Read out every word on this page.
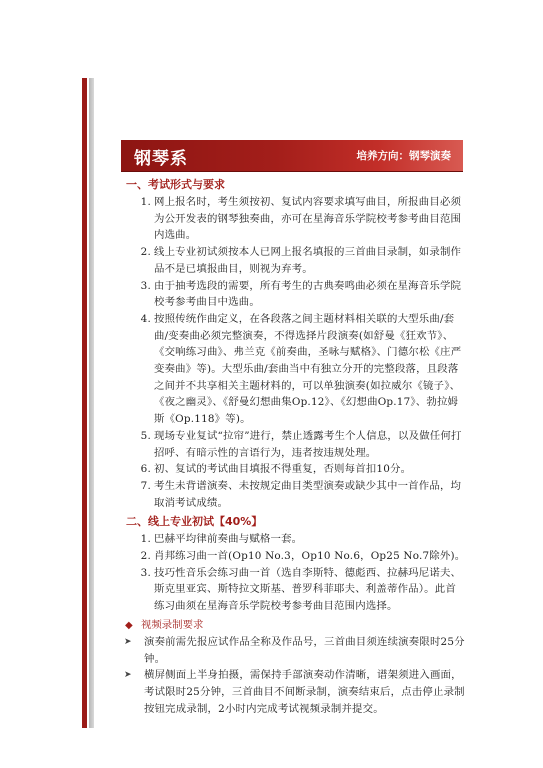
钢琴系	培养方向：钢琴演奏
一、考试形式与要求
1. 网上报名时，考生须按初、复试内容要求填写曲目，所报曲目必须为公开发表的钢琴独奏曲，亦可在星海音乐学院校考参考曲目范围内选曲。
2. 线上专业初试须按本人已网上报名填报的三首曲目录制，如录制作品不是已填报曲目，则视为弃考。
3. 由于抽考选段的需要，所有考生的古典奏鸣曲必须在星海音乐学院校考参考曲目中选曲。
4. 按照传统作曲定义，在各段落之间主题材料相关联的大型乐曲/套曲/变奏曲必须完整演奏，不得选择片段演奏(如舒曼《狂欢节》、《交响练习曲》、弗兰克《前奏曲，圣咏与赋格》、门德尔松《庄严变奏曲》等)。大型乐曲/套曲当中有独立分开的完整段落，且段落之间并不共享相关主题材料的，可以单独演奏(如拉威尔《镜子》、《夜之幽灵》、《舒曼幻想曲集Op.12》、《幻想曲Op.17》、勃拉姆斯《Op.118》等)。
5. 现场专业复试“拉帘”进行，禁止透露考生个人信息，以及做任何打招呼、有暗示性的言语行为，违者按违规处理。
6. 初、复试的考试曲目填报不得重复，否则每首扣10分。
7. 考生未背谱演奏、未按规定曲目类型演奏或缺少其中一首作品，均取消考试成绩。
二、线上专业初试【40%】
1. 巴赫平均律前奏曲与赋格一套。
2. 肖邦练习曲一首(Op10 No.3，Op10 No.6，Op25 No.7除外)。
3. 技巧性音乐会练习曲一首（选自李斯特、德彪西、拉赫玛尼诺夫、斯克里亚宾、斯特拉文斯基、普罗科菲耶夫、利盖蒂作品）。此首练习曲须在星海音乐学院校考参考曲目范围内选择。
◆ 视频录制要求
➤	演奏前需先报应试作品全称及作品号，三首曲目须连续演奏限时25分钟。
➤	横屏侧面上半身拍摄，需保持手部演奏动作清晰，谱架须进入画面，考试限时25分钟，三首曲目不间断录制，演奏结束后，点击停止录制按钮完成录制，2小时内完成考试视频录制并提交。
